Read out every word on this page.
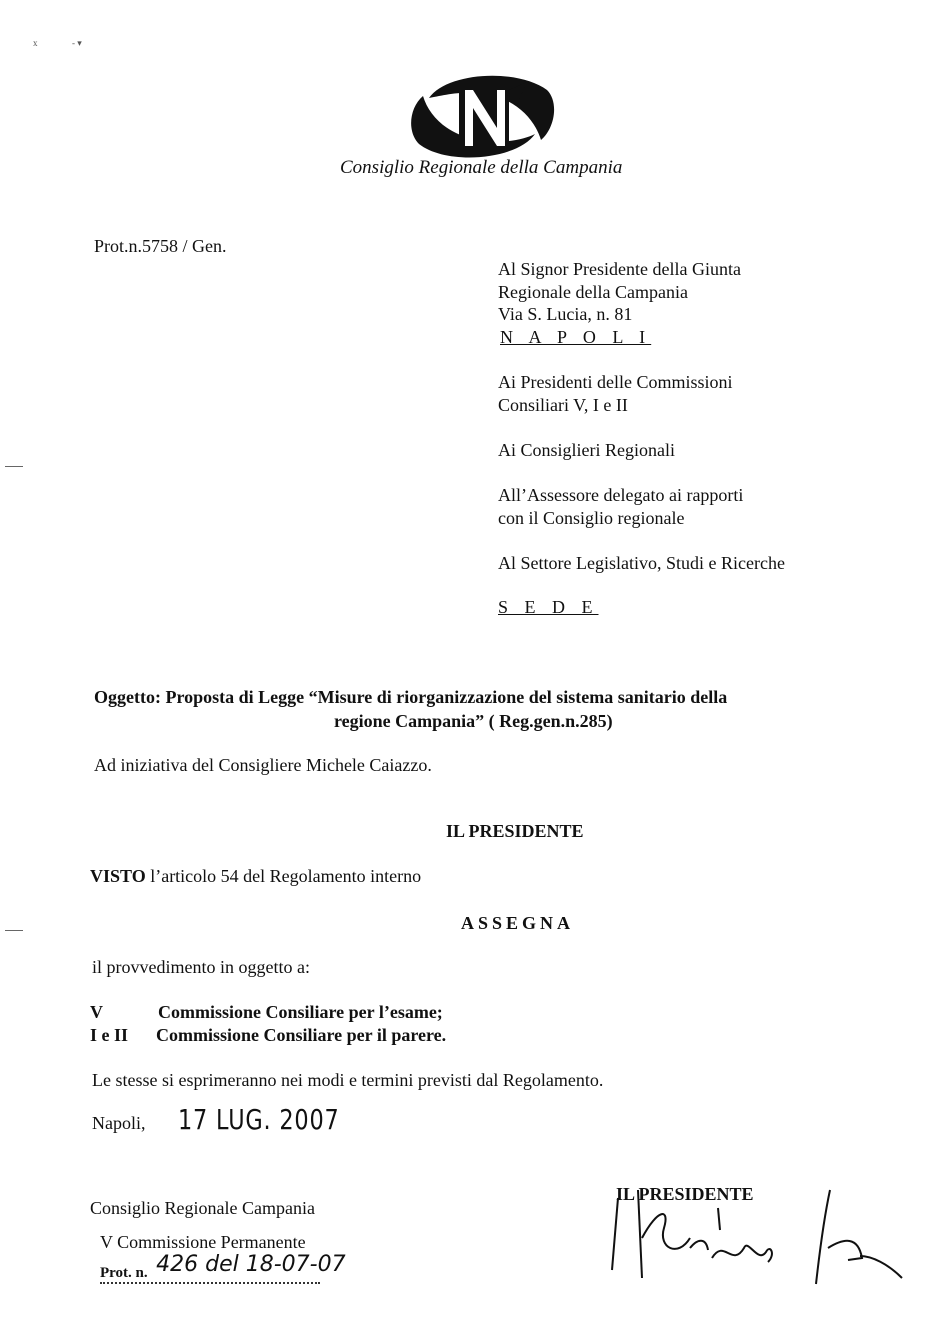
x	- ▾
Consiglio Regionale della Campania
Prot.n.5758 / Gen.
Al Signor Presidente della Giunta
Regionale della Campania
Via S. Lucia, n. 81
N A P O L I
Ai Presidenti delle Commissioni
Consiliari V, I e II
Ai Consiglieri Regionali
All’Assessore delegato ai rapporti
con il Consiglio regionale
Al Settore Legislativo, Studi e Ricerche
S E D E
Oggetto: Proposta di Legge “Misure di riorganizzazione del sistema sanitario della
regione Campania” ( Reg.gen.n.285)
Ad iniziativa del Consigliere Michele Caiazzo.
IL PRESIDENTE
VISTO l’articolo 54 del Regolamento interno
ASSEGNA
il provvedimento in oggetto a:
V	Commissione Consiliare per l’esame;
I e II Commissione Consiliare per il parere.
Le stesse si esprimeranno nei modi e termini previsti dal Regolamento.
Napoli, 17 LUG. 2007
Consiglio Regionale Campania
V Commissione Permanente
Prot. n. 426 del 18-07-07
IL PRESIDENTE
